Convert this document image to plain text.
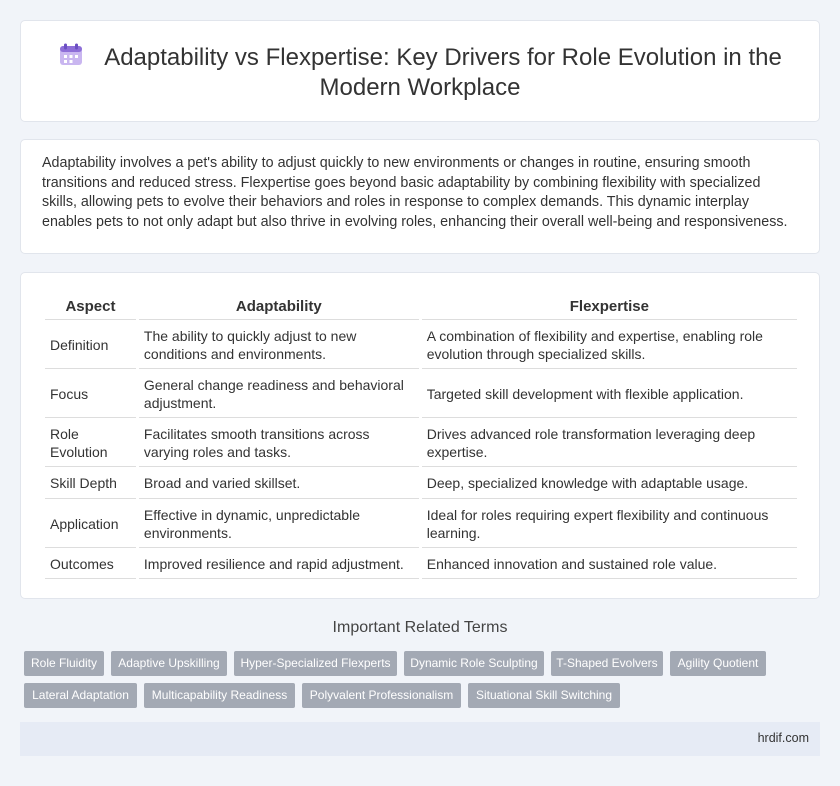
Adaptability vs Flexpertise: Key Drivers for Role Evolution in the Modern Workplace

Adaptability involves a pet's ability to adjust quickly to new environments or changes in routine, ensuring smooth transitions and reduced stress. Flexpertise goes beyond basic adaptability by combining flexibility with specialized skills, allowing pets to evolve their behaviors and roles in response to complex demands. This dynamic interplay enables pets to not only adapt but also thrive in evolving roles, enhancing their overall well-being and responsiveness.

Aspect	Adaptability	Flexpertise
Definition	The ability to quickly adjust to new conditions and environments.	A combination of flexibility and expertise, enabling role evolution through specialized skills.
Focus	General change readiness and behavioral adjustment.	Targeted skill development with flexible application.
Role Evolution	Facilitates smooth transitions across varying roles and tasks.	Drives advanced role transformation leveraging deep expertise.
Skill Depth	Broad and varied skillset.	Deep, specialized knowledge with adaptable usage.
Application	Effective in dynamic, unpredictable environments.	Ideal for roles requiring expert flexibility and continuous learning.
Outcomes	Improved resilience and rapid adjustment.	Enhanced innovation and sustained role value.
Important Related Terms
Role Fluidity	Adaptive Upskilling	Hyper-Specialized Flexperts	Dynamic Role Sculpting	T-Shaped Evolvers	Agility Quotient
Lateral Adaptation	Multicapability Readiness	Polyvalent Professionalism	Situational Skill Switching
hrdif.com
